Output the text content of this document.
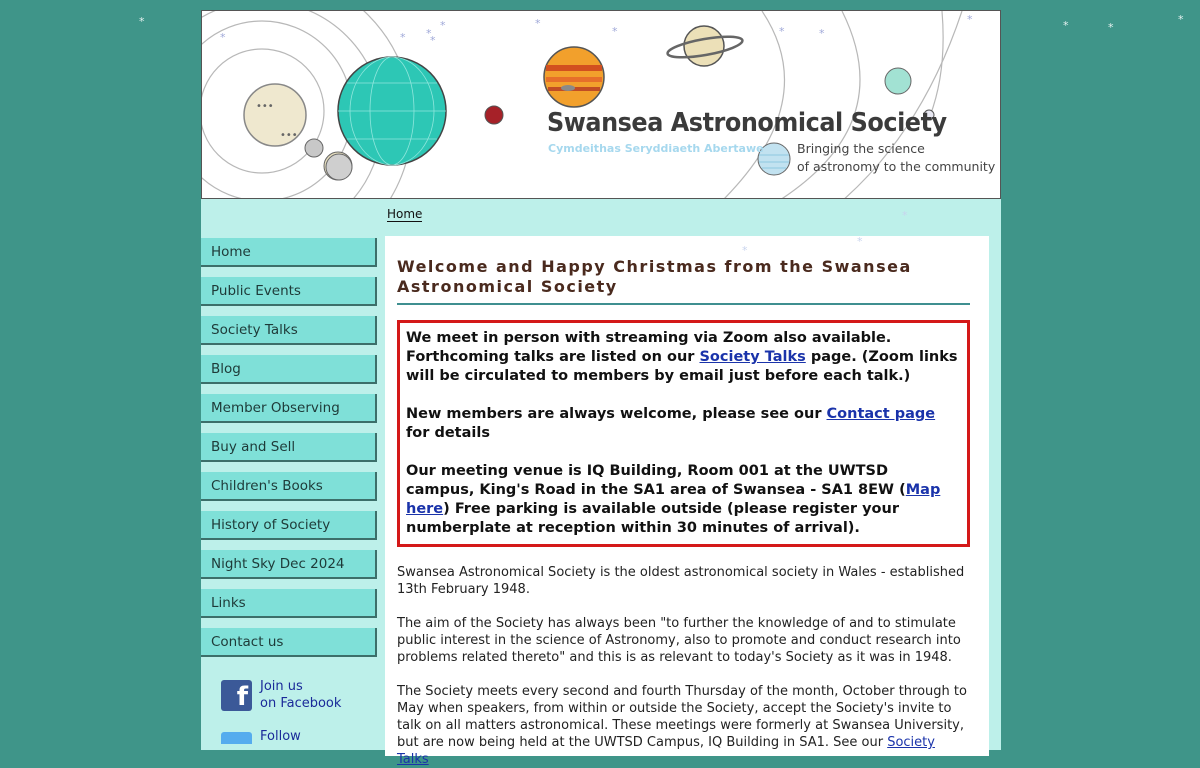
*	*	*
*
•••
•••
*	* *
*	*
*	*	*
*
*
Swansea Astronomical Society
Cymdeithas Seryddiaeth Abertawe	Bringing the science
of astronomy to the community
Home
Home
Public Events
Society Talks
Blog
Member Observing
Buy and Sell
Children's Books
History of Society
Night Sky Dec 2024
Links
Contact us
f Join us
on Facebook
Follow
Welcome and Happy Christmas from the Swansea Astronomical Society

We meet in person with streaming via Zoom also available. Forthcoming talks are listed on our Society Talks page. (Zoom links will be circulated to members by email just before each talk.)

New members are always welcome, please see our Contact page for details

Our meeting venue is IQ Building, Room 001 at the UWTSD campus, King's Road in the SA1 area of Swansea - SA1 8EW (Map here) Free parking is available outside (please register your numberplate at reception within 30 minutes of arrival).

Swansea Astronomical Society is the oldest astronomical society in Wales - established 13th February 1948.

The aim of the Society has always been "to further the knowledge of and to stimulate public interest in the science of Astronomy, also to promote and conduct research into problems related thereto" and this is as relevant to today's Society as it was in 1948.

The Society meets every second and fourth Thursday of the month, October through to May when speakers, from within or outside the Society, accept the Society's invite to talk on all matters astronomical. These meetings were formerly at Swansea University, but are now being held at the UWTSD Campus, IQ Building in SA1. See our Society Talks

*
*
*
